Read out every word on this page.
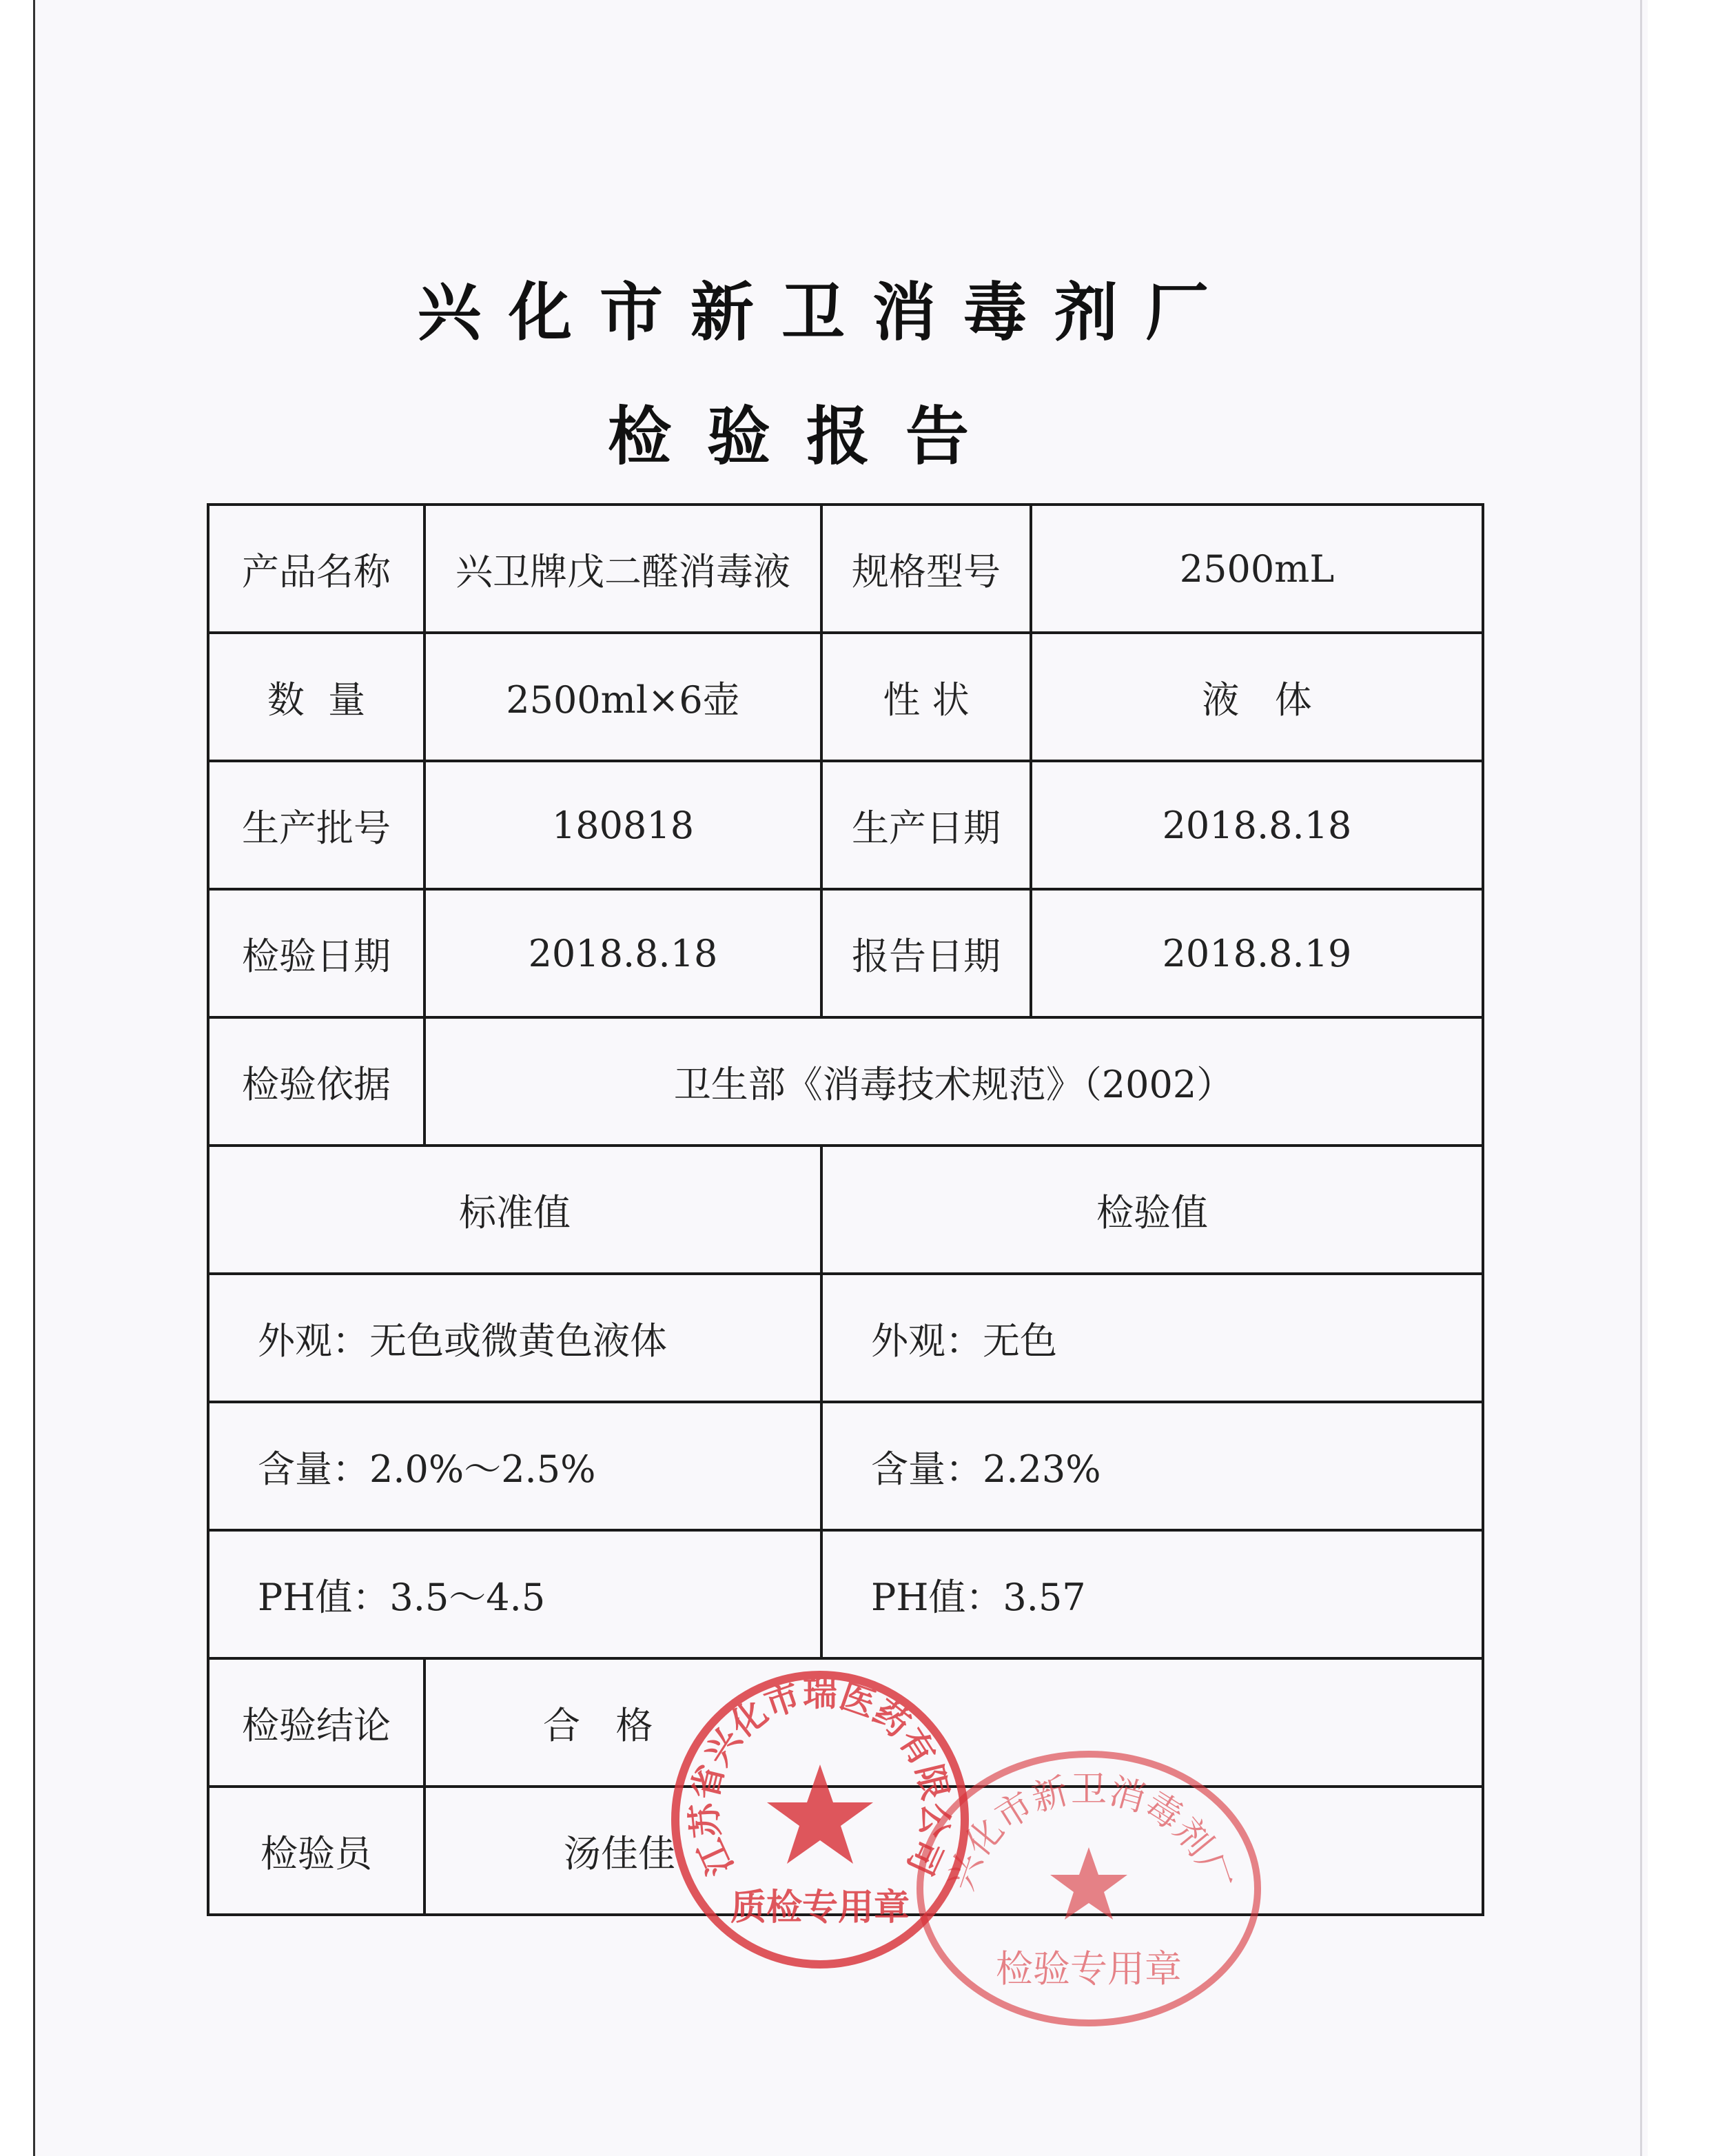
兴化市新卫消毒剂厂
检验报告
产品名称	兴卫牌戊二醛消毒液	规格型号	2500mL
数  量	2500ml×6壶	性 状	液   体
生产批号	180818	生产日期	2018.8.18
检验日期	2018.8.18	报告日期	2018.8.19
检验依据	卫生部《消毒技术规范》（2002）		
标准值		检验值	
外观：无色或微黄色液体		外观：无色	
含量：2.0%～2.5%		含量：2.23%	
PH值：3.5～4.5		PH值：3.57	
检验结论	合   格		
检验员	汤佳佳		江苏省兴化市瑞医药有限公司
质检专用章
兴化市新卫消毒剂厂
检验专用章
